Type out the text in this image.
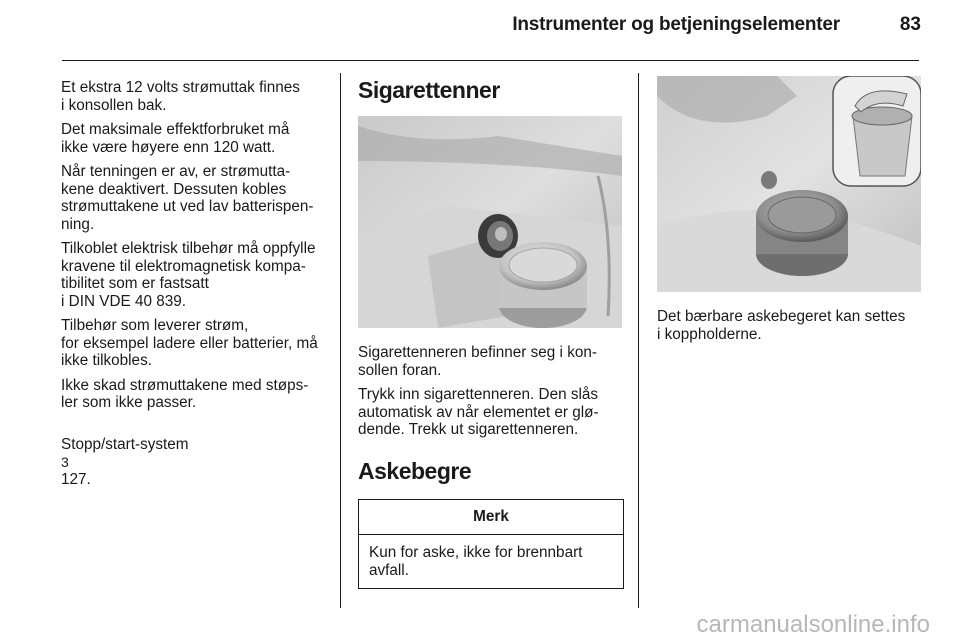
Instrumenter og betjeningselementer	83

Et ekstra 12 volts strømuttak finnes
i konsollen bak.

Det maksimale effektforbruket må
ikke være høyere enn 120 watt.

Når tenningen er av, er strømutta-
kene deaktivert. Dessuten kobles
strømuttakene ut ved lav batterispen-
ning.

Tilkoblet elektrisk tilbehør må oppfylle
kravene til elektromagnetisk kompa-
tibilitet som er fastsatt
i DIN VDE 40 839.

Tilbehør som leverer strøm,
for eksempel ladere eller batterier, må
ikke tilkobles.

Ikke skad strømuttakene med støps-
ler som ikke passer.

Stopp/start-system
3
127.

Sigarettenner

Sigarettenneren befinner seg i kon-
sollen foran.

Trykk inn sigarettenneren. Den slås
automatisk av når elementet er glø-
dende. Trekk ut sigarettenneren.

Askebegre
Merk
Kun for aske, ikke for brennbart
avfall.

Det bærbare askebegeret kan settes
i koppholderne.

carmanualsonline.info
